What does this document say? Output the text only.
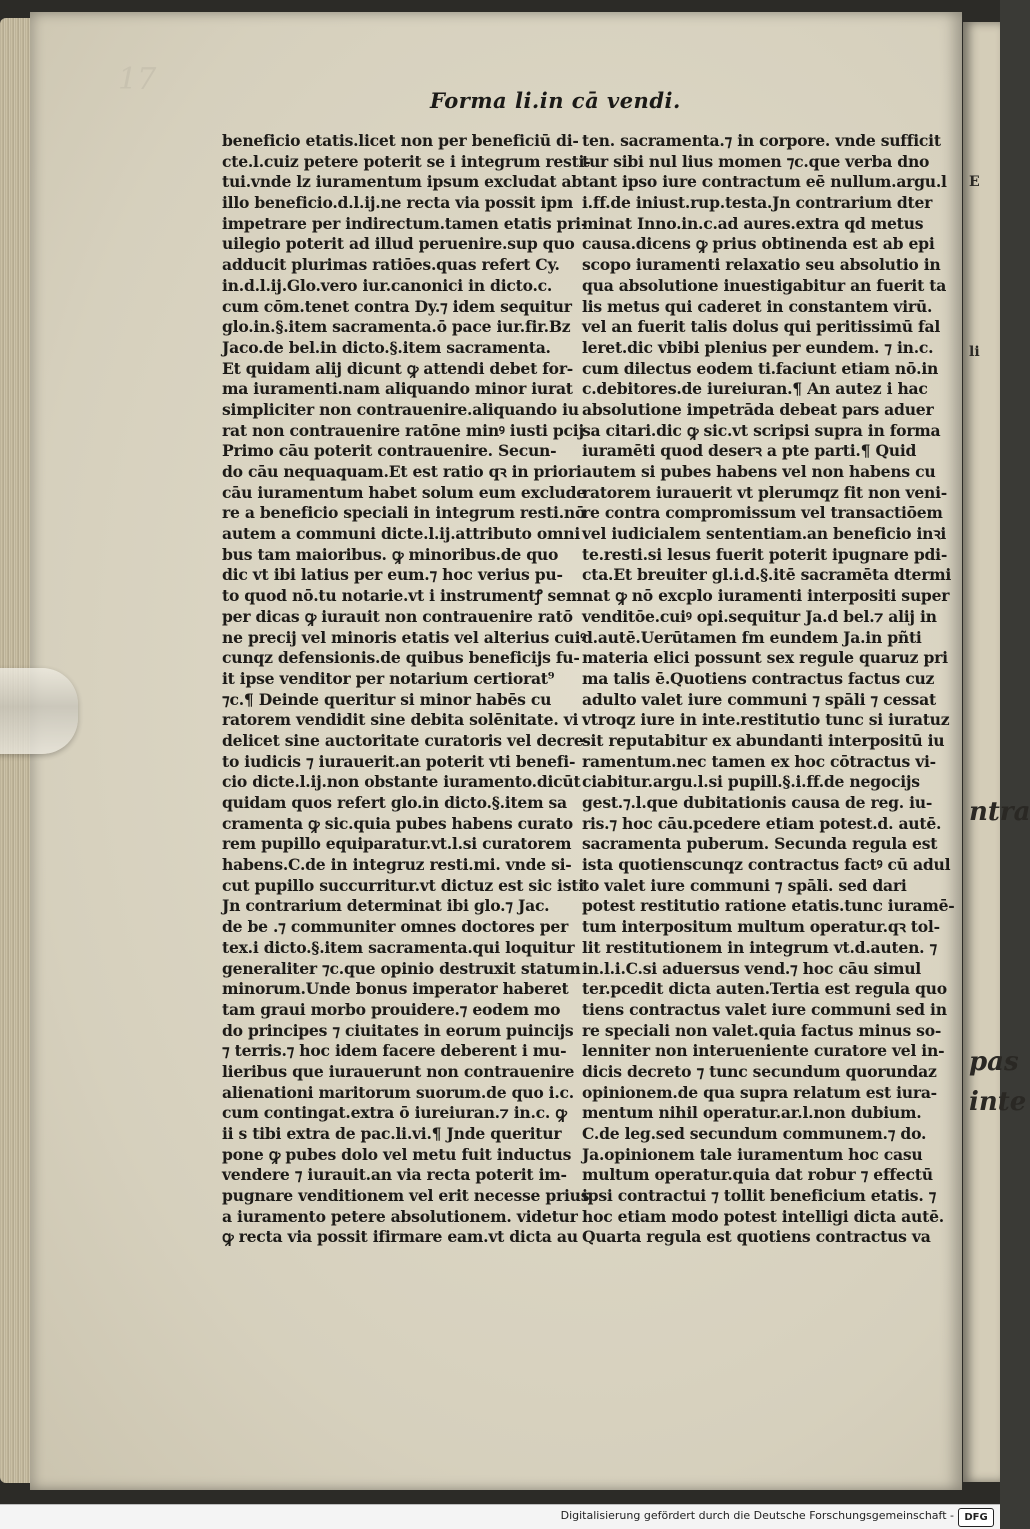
17
Forma li.in cā vendi.
beneficio etatis.licet non per beneficiū di-
cte.l.cuiz petere poterit se i integrum resti-
tui.vnde lz iuramentum ipsum excludat ab
illo beneficio.d.l.ij.ne recta via possit ipm
impetrare per indirectum.tamen etatis pri-
uilegio poterit ad illud peruenire.sup quo
adducit plurimas ratiōes.quas refert Cy.
in.d.l.ij.Glo.vero iur.canonici in dicto.c.
cum cōm.tenet contra Dy.⁊ idem sequitur
glo.in.§.item sacramenta.ō pace iur.fir.Bz
Jaco.de bel.in dicto.§.item sacramenta.
Et quidam alij dicunt ꝙ attendi debet for-
ma iuramenti.nam aliquando minor iurat
simpliciter non contrauenire.aliquando iu
rat non contrauenire ratōne minꝰ iusti pcij
Primo cāu poterit contrauenire. Secun-
do cāu nequaquam.Et est ratio qꝛ in priori
cāu iuramentum habet solum eum exclude
re a beneficio speciali in integrum resti.nō
autem a communi dicte.l.ij.attributo omni
bus tam maioribus. ꝙ minoribus.de quo
dic vt ibi latius per eum.⁊ hoc verius pu-
to quod nō.tu notarie.vt i instrumentꝭ sem
per dicas ꝙ iurauit non contrauenire ratō
ne precij vel minoris etatis vel alterius cuiꝰ
cunqz defensionis.de quibus beneficijs fu-
it ipse venditor per notarium certiorat⁹
⁊c.¶ Deinde queritur si minor habēs cu
ratorem vendidit sine debita solēnitate. vi
delicet sine auctoritate curatoris vel decre-
to iudicis ⁊ iurauerit.an poterit vti benefi-
cio dicte.l.ij.non obstante iuramento.dicūt
quidam quos refert glo.in dicto.§.item sa
cramenta ꝙ sic.quia pubes habens curato
rem pupillo equiparatur.vt.l.si curatorem
habens.C.de in integruz resti.mi. vnde si-
cut pupillo succurritur.vt dictuz est sic isti
Jn contrarium determinat ibi glo.⁊ Jac.
de be .⁊ communiter omnes doctores per
tex.i dicto.§.item sacramenta.qui loquitur
generaliter ⁊c.que opinio destruxit statum
minorum.Unde bonus imperator haberet
tam graui morbo prouidere.⁊ eodem mo
do principes ⁊ ciuitates in eorum puincijs
⁊ terris.⁊ hoc idem facere deberent i mu-
lieribus que iurauerunt non contrauenire
alienationi maritorum suorum.de quo i.c.
cum contingat.extra ō iureiuran.⁊ in.c. ꝙ
ii s tibi extra de pac.li.vi.¶ Jnde queritur
pone ꝙ pubes dolo vel metu fuit inductus
vendere ⁊ iurauit.an via recta poterit im-
pugnare venditionem vel erit necesse prius
a iuramento petere absolutionem. videtur
ꝙ recta via possit ifirmare eam.vt dicta au
ten. sacramenta.⁊ in corpore. vnde sufficit
tur sibi nul lius momen ⁊c.que verba dno
tant ipso iure contractum eē nullum.argu.l
i.ff.de iniust.rup.testa.Jn contrarium dter
minat Inno.in.c.ad aures.extra qd metus
causa.dicens ꝙ prius obtinenda est ab epi
scopo iuramenti relaxatio seu absolutio in
qua absolutione inuestigabitur an fuerit ta
lis metus qui caderet in constantem virū.
vel an fuerit talis dolus qui peritissimū fal
leret.dic vbibi plenius per eundem. ⁊ in.c.
cum dilectus eodem ti.faciunt etiam nō.in
c.debitores.de iureiuran.¶ An autez i hac
absolutione impetrāda debeat pars aduer
sa citari.dic ꝙ sic.vt scripsi supra in forma
iuramēti quod deserꝛ a pte parti.¶ Quid
autem si pubes habens vel non habens cu
ratorem iurauerit vt plerumqz fit non veni-
re contra compromissum vel transactiōem
vel iudicialem sententiam.an beneficio inꝛi
te.resti.si lesus fuerit poterit ipugnare pdi-
cta.Et breuiter gl.i.d.§.itē sacramēta dtermi
nat ꝙ nō excplo iuramenti interpositi super
venditōe.cuiꝰ opi.sequitur Ja.d bel.⁊ alij in
d.autē.Uerūtamen fm eundem Ja.in pñti
materia elici possunt sex regule quaruz pri
ma talis ē.Quotiens contractus factus cuz
adulto valet iure communi ⁊ spāli ⁊ cessat
vtroqz iure in inte.restitutio tunc si iuratuz
sit reputabitur ex abundanti interpositū iu
ramentum.nec tamen ex hoc cōtractus vi-
ciabitur.argu.l.si pupill.§.i.ff.de negocijs
gest.⁊.l.que dubitationis causa de reg. iu-
ris.⁊ hoc cāu.pcedere etiam potest.d. autē.
sacramenta puberum. Secunda regula est
ista quotienscunqz contractus factꝰ cū adul
to valet iure communi ⁊ spāli. sed dari
potest restitutio ratione etatis.tunc iuramē-
tum interpositum multum operatur.qꝛ tol-
lit restitutionem in integrum vt.d.auten. ⁊
in.l.i.C.si aduersus vend.⁊ hoc cāu simul
ter.pcedit dicta auten.Tertia est regula quo
tiens contractus valet iure communi sed in
re speciali non valet.quia factus minus so-
lenniter non interueniente curatore vel in-
dicis decreto ⁊ tunc secundum quorundaz
opinionem.de qua supra relatum est iura-
mentum nihil operatur.ar.l.non dubium.
C.de leg.sed secundum communem.⁊ do.
Ja.opinionem tale iuramentum hoc casu
multum operatur.quia dat robur ⁊ effectū
ipsi contractui ⁊ tollit beneficium etatis. ⁊
hoc etiam modo potest intelligi dicta autē.
Quarta regula est quotiens contractus va
E
li
ntra
pas
inte
Digitalisierung gefördert durch die Deutsche Forschungsgemeinschaft -	DFG
